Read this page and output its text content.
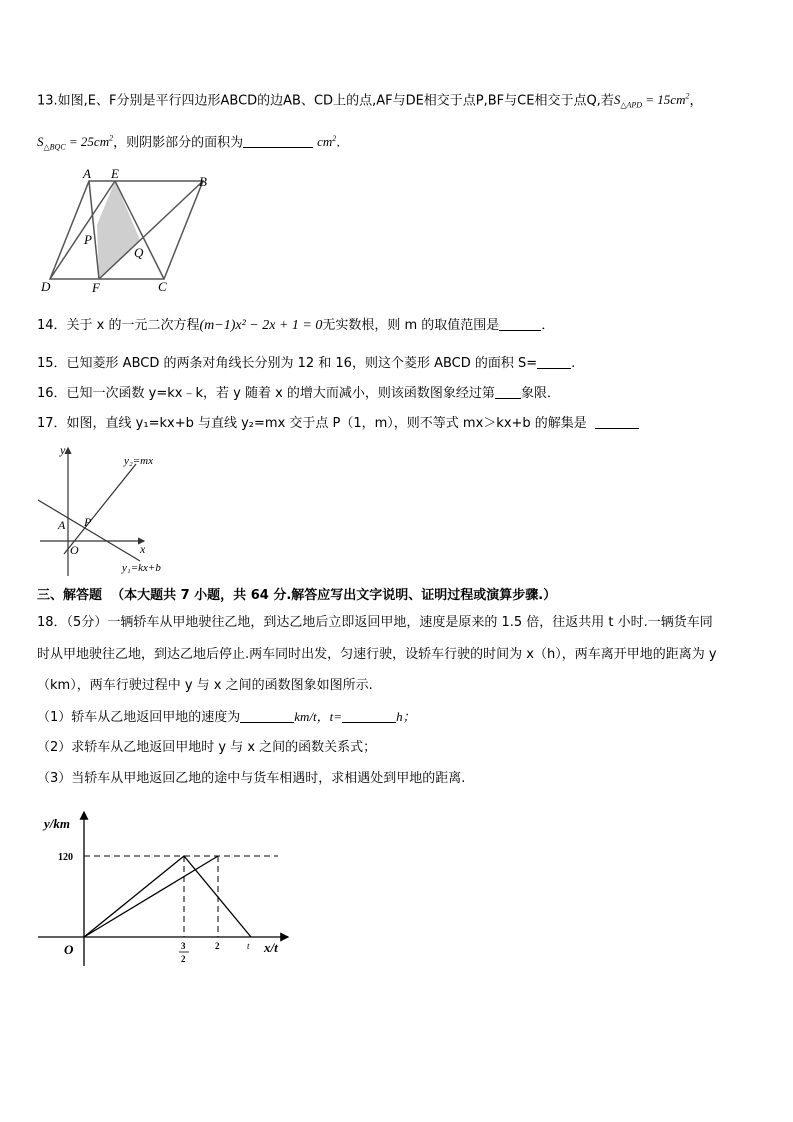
13.如图,E、F分别是平行四边形ABCD的边AB、CD上的点,AF与DE相交于点P,BF与CE相交于点Q,若$S_{\triangle APD} = 15cm^2$，
$S_{\triangle BQC} = 25cm^2$，则阴影部分的面积为	$cm^2$.
A E
B
P
Q
D	F	C
14．关于 x 的一元二次方程(m−1)x² − 2x + 1 = 0无实数根，则 m 的取值范围是	．
15．已知菱形 ABCD 的两条对角线长分别为 12 和 16，则这个菱形 ABCD 的面积 S=	.
16．已知一次函数 y=kx﹣k，若 y 随着 x 的增大而减小，则该函数图象经过第 象限．
17．如图，直线 y₁=kx+b 与直线 y₂=mx 交于点 P（1，m），则不等式 mx＞kx+b 的解集是
y
y₂=mx
A P
O	x
y₁=kx+b
三、解答题 （本大题共 7 小题，共 64 分.解答应写出文字说明、证明过程或演算步骤.）
18．（5分）一辆轿车从甲地驶往乙地，到达乙地后立即返回甲地，速度是原来的 1.5 倍，往返共用 t 小时.一辆货车同
时从甲地驶往乙地，到达乙地后停止.两车同时出发，匀速行驶，设轿车行驶的时间为 x（h），两车离开甲地的距离为 y
（km），两车行驶过程中 y 与 x 之间的函数图象如图所示.
（1）轿车从乙地返回甲地的速度为	km/t，t=	h；
（2）求轿车从乙地返回甲地时 y 与 x 之间的函数关系式；
（3）当轿车从甲地返回乙地的途中与货车相遇时，求相遇处到甲地的距离.
y/km
x/t
O
120
3
2
2	t
